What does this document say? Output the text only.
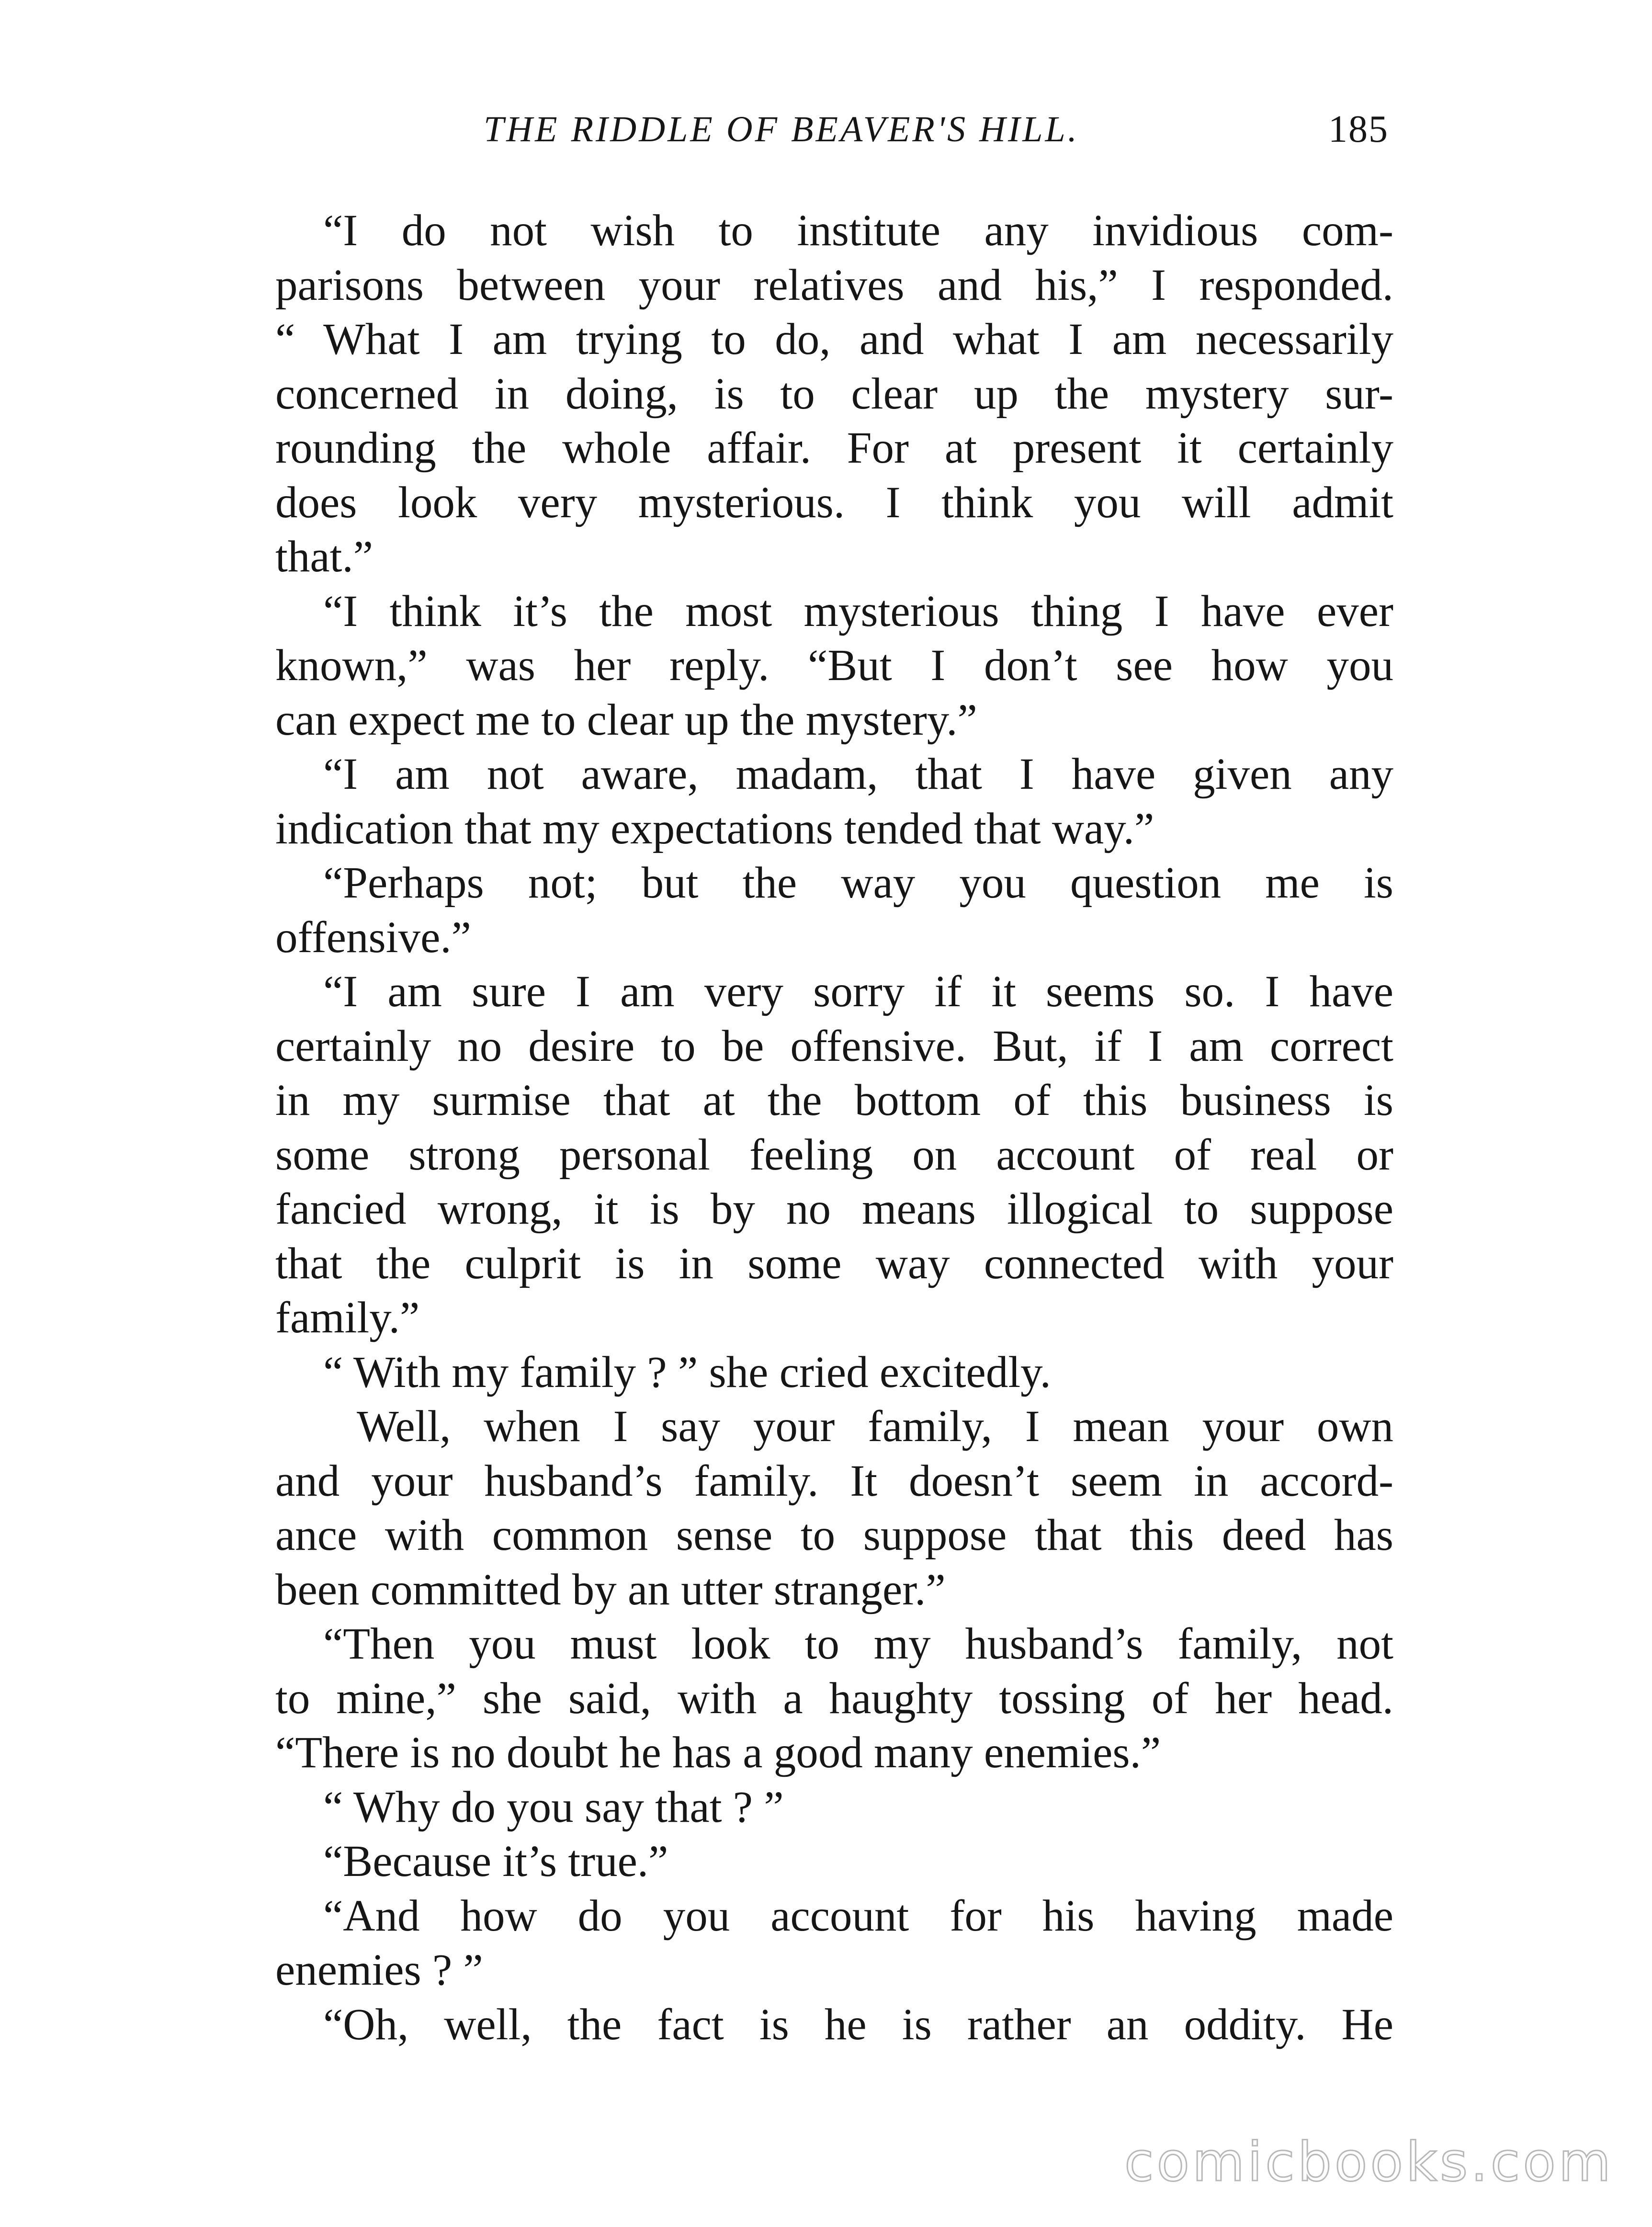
THE RIDDLE OF BEAVER'S HILL.	185
“I do not wish to institute any invidious com-
parisons between your relatives and his,” I responded.
“ What I am trying to do, and what I am necessarily
concerned in doing, is to clear up the mystery sur-
rounding the whole affair. For at present it certainly
does look very mysterious. I think you will admit
that.”
“I think it’s the most mysterious thing I have ever
known,” was her reply. “But I don’t see how you
can expect me to clear up the mystery.”
“I am not aware, madam, that I have given any
indication that my expectations tended that way.”
“Perhaps not; but the way you question me is
offensive.”
“I am sure I am very sorry if it seems so. I have
certainly no desire to be offensive. But, if I am correct
in my surmise that at the bottom of this business is
some strong personal feeling on account of real or
fancied wrong, it is by no means illogical to suppose
that the culprit is in some way connected with your
family.”
“ With my family ? ” she cried excitedly.
Well, when I say your family, I mean your own
and your husband’s family. It doesn’t seem in accord-
ance with common sense to suppose that this deed has
been committed by an utter stranger.”
“Then you must look to my husband’s family, not
to mine,” she said, with a haughty tossing of her head.
“There is no doubt he has a good many enemies.”
“ Why do you say that ? ”
“Because it’s true.”
“And how do you account for his having made
enemies ? ”
“Oh, well, the fact is he is rather an oddity. He
comicbooks.com
